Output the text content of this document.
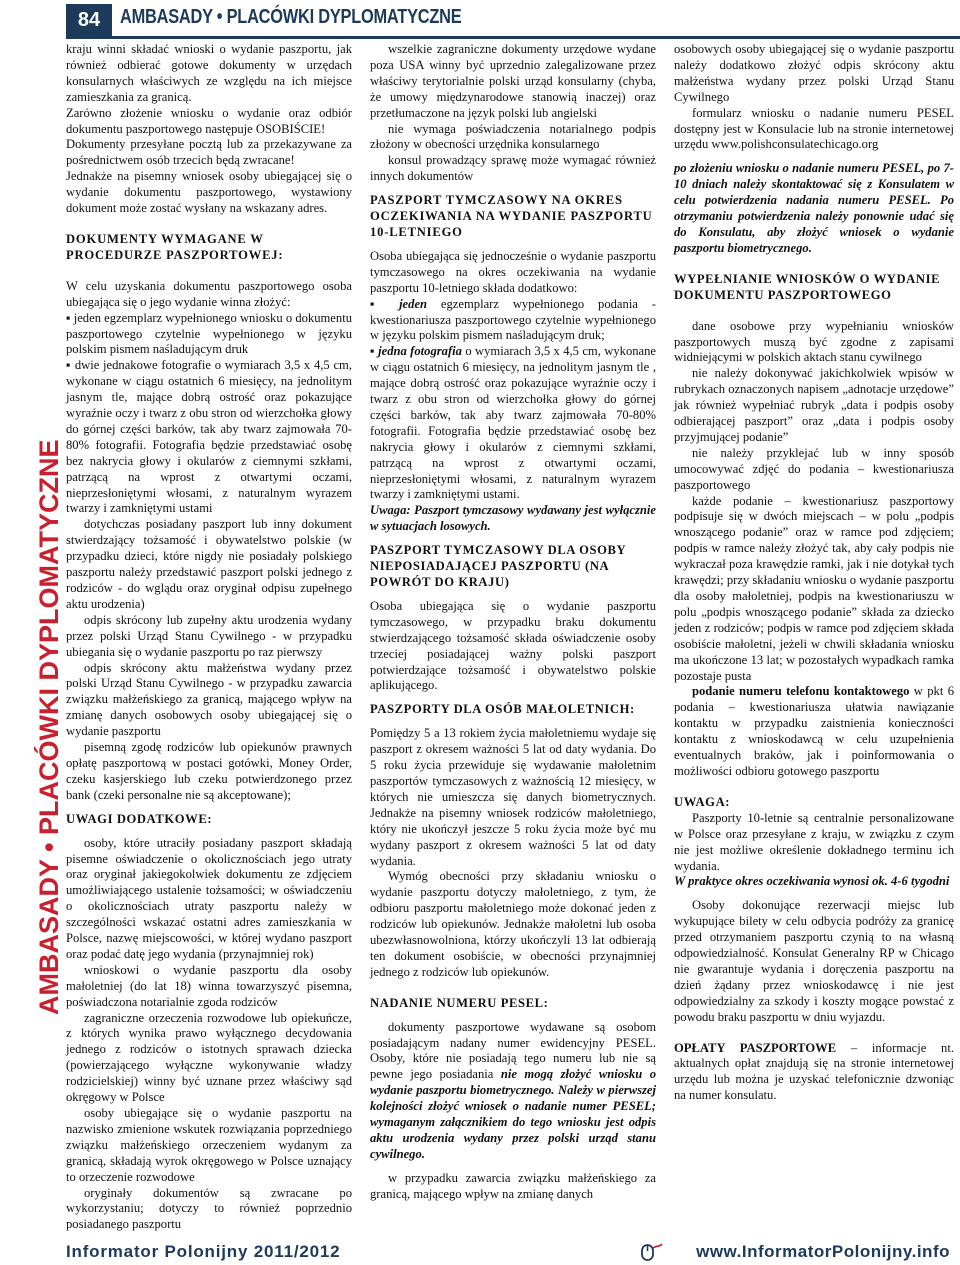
84 AMBASADY • PLACÓWKI DYPLOMATYCZNE
AMBASADY • PLACÓWKI DYPLOMATYCZNE

kraju winni składać wnioski o wydanie paszportu, jak również odbierać gotowe dokumenty w urzędach konsularnych właściwych ze względu na ich miejsce zamieszkania za granicą.

Zarówno złożenie wniosku o wydanie oraz odbiór dokumentu paszportowego następuje OSOBIŚCIE!

Dokumenty przesyłane pocztą lub za przekazywane za pośrednictwem osób trzecich będą zwracane!

Jednakże na pisemny wniosek osoby ubiegającej się o wydanie dokumentu paszportowego, wystawiony dokument może zostać wysłany na wskazany adres.

DOKUMENTY WYMAGANE W PROCEDURZE PASZPORTOWEJ:

W celu uzyskania dokumentu paszportowego osoba ubiegająca się o jego wydanie winna złożyć:

▪ jeden egzemplarz wypełnionego wniosku o dokumentu paszportowego czytelnie wypełnionego w języku polskim pismem naśladującym druk

▪ dwie jednakowe fotografie o wymiarach 3,5 x 4,5 cm, wykonane w ciągu ostatnich 6 miesięcy, na jednolitym jasnym tle, mające dobrą ostrość oraz pokazujące wyraźnie oczy i twarz z obu stron od wierzchołka głowy do górnej części barków, tak aby twarz zajmowała 70-80% fotografii. Fotografia będzie przedstawiać osobę bez nakrycia głowy i okularów z ciemnymi szkłami, patrzącą na wprost z otwartymi oczami, nieprzesłoniętymi włosami, z naturalnym wyrazem twarzy i zamkniętymi ustami

dotychczas posiadany paszport lub inny dokument stwierdzający tożsamość i obywatelstwo polskie (w przypadku dzieci, które nigdy nie posiadały polskiego paszportu należy przedstawić paszport polski jednego z rodziców - do wglądu oraz oryginał odpisu zupełnego aktu urodzenia)

odpis skrócony lub zupełny aktu urodzenia wydany przez polski Urząd Stanu Cywilnego - w przypadku ubiegania się o wydanie paszportu po raz pierwszy

odpis skrócony aktu małżeństwa wydany przez polski Urząd Stanu Cywilnego - w przypadku zawarcia związku małżeńskiego za granicą, mającego wpływ na zmianę danych osobowych osoby ubiegającej się o wydanie paszportu

pisemną zgodę rodziców lub opiekunów prawnych opłatę paszportową w postaci gotówki, Money Order, czeku kasjerskiego lub czeku potwierdzonego przez bank (czeki personalne nie są akceptowane);

UWAGI DODATKOWE:

osoby, które utraciły posiadany paszport składają pisemne oświadczenie o okolicznościach jego utraty oraz oryginał jakiegokolwiek dokumentu ze zdjęciem umożliwiającego ustalenie tożsamości; w oświadczeniu o okolicznościach utraty paszportu należy w szczególności wskazać ostatni adres zamieszkania w Polsce, nazwę miejscowości, w której wydano paszport oraz podać datę jego wydania (przynajmniej rok)

wnioskowi o wydanie paszportu dla osoby małoletniej (do lat 18) winna towarzyszyć pisemna, poświadczona notarialnie zgoda rodziców

zagraniczne orzeczenia rozwodowe lub opiekuńcze, z których wynika prawo wyłącznego decydowania jednego z rodziców o istotnych sprawach dziecka (powierzającego wyłączne wykonywanie władzy rodzicielskiej) winny być uznane przez właściwy sąd okręgowy w Polsce

osoby ubiegające się o wydanie paszportu na nazwisko zmienione wskutek rozwiązania poprzedniego związku małżeńskiego orzeczeniem wydanym za granicą, składają wyrok okręgowego w Polsce uznający to orzeczenie rozwodowe

oryginały dokumentów są zwracane po wykorzystaniu; dotyczy to również poprzednio posiadanego paszportu

wszelkie zagraniczne dokumenty urzędowe wydane poza USA winny być uprzednio zalegalizowane przez właściwy terytorialnie polski urząd konsularny (chyba, że umowy międzynarodowe stanowią inaczej) oraz przetłumaczone na język polski lub angielski

nie wymaga poświadczenia notarialnego podpis złożony w obecności urzędnika konsularnego

konsul prowadzący sprawę może wymagać również innych dokumentów

PASZPORT TYMCZASOWY NA OKRES OCZEKIWANIA NA WYDANIE PASZPORTU 10-LETNIEGO

Osoba ubiegająca się jednocześnie o wydanie paszportu tymczasowego na okres oczekiwania na wydanie paszportu 10-letniego składa dodatkowo:

▪ jeden egzemplarz wypełnionego podania - kwestionariusza paszportowego czytelnie wypełnionego w języku polskim pismem naśladującym druk;

▪ jedna fotografia o wymiarach 3,5 x 4,5 cm, wykonane w ciągu ostatnich 6 miesięcy, na jednolitym jasnym tle , mające dobrą ostrość oraz pokazujące wyraźnie oczy i twarz z obu stron od wierzchołka głowy do górnej części barków, tak aby twarz zajmowała 70-80% fotografii. Fotografia będzie przedstawiać osobę bez nakrycia głowy i okularów z ciemnymi szkłami, patrzącą na wprost z otwartymi oczami, nieprzesłoniętymi włosami, z naturalnym wyrazem twarzy i zamkniętymi ustami.

Uwaga: Paszport tymczasowy wydawany jest wyłącznie w sytuacjach losowych.

PASZPORT TYMCZASOWY DLA OSOBY NIEPOSIADAJĄCEJ PASZPORTU (NA POWRÓT DO KRAJU)

Osoba ubiegająca się o wydanie paszportu tymczasowego, w przypadku braku dokumentu stwierdzającego tożsamość składa oświadczenie osoby trzeciej posiadającej ważny polski paszport potwierdzające tożsamość i obywatelstwo polskie aplikującego.

PASZPORTY DLA OSÓB MAŁOLETNICH:

Pomiędzy 5 a 13 rokiem życia małoletniemu wydaje się paszport z okresem ważności 5 lat od daty wydania. Do 5 roku życia przewiduje się wydawanie małoletnim paszportów tymczasowych z ważnością 12 miesięcy, w których nie umieszcza się danych biometrycznych. Jednakże na pisemny wniosek rodziców małoletniego, który nie ukończył jeszcze 5 roku życia może być mu wydany paszport z okresem ważności 5 lat od daty wydania.

Wymóg obecności przy składaniu wniosku o wydanie paszportu dotyczy małoletniego, z tym, że odbioru paszportu małoletniego może dokonać jeden z rodziców lub opiekunów. Jednakże małoletni lub osoba ubezwłasnowolniona, którzy ukończyli 13 lat odbierają ten dokument osobiście, w obecności przynajmniej jednego z rodziców lub opiekunów.

NADANIE NUMERU PESEL:

dokumenty paszportowe wydawane są osobom posiadającym nadany numer ewidencyjny PESEL. Osoby, które nie posiadają tego numeru lub nie są pewne jego posiadania nie mogą złożyć wniosku o wydanie paszportu biometrycznego. Należy w pierwszej kolejności złożyć wniosek o nadanie numer PESEL; wymaganym załącznikiem do tego wniosku jest odpis aktu urodzenia wydany przez polski urząd stanu cywilnego.

w przypadku zawarcia związku małżeńskiego za granicą, mającego wpływ na zmianę danych

osobowych osoby ubiegającej się o wydanie paszportu należy dodatkowo złożyć odpis skrócony aktu małżeństwa wydany przez polski Urząd Stanu Cywilnego

formularz wniosku o nadanie numeru PESEL dostępny jest w Konsulacie lub na stronie internetowej urzędu www.polishconsulatechicago.org

po złożeniu wniosku o nadanie numeru PESEL, po 7-10 dniach należy skontaktować się z Konsulatem w celu potwierdzenia nadania numeru PESEL. Po otrzymaniu potwierdzenia należy ponownie udać się do Konsulatu, aby złożyć wniosek o wydanie paszportu biometrycznego.

WYPEŁNIANIE WNIOSKÓW O WYDANIE DOKUMENTU PASZPORTOWEGO

dane osobowe przy wypełnianiu wniosków paszportowych muszą być zgodne z zapisami widniejącymi w polskich aktach stanu cywilnego

nie należy dokonywać jakichkolwiek wpisów w rubrykach oznaczonych napisem „adnotacje urzędowe” jak również wypełniać rubryk „data i podpis osoby odbierającej paszport” oraz „data i podpis osoby przyjmującej podanie”

nie należy przyklejać lub w inny sposób umocowywać zdjęć do podania – kwestionariusza paszportowego

każde podanie – kwestionariusz paszportowy podpisuje się w dwóch miejscach – w polu „podpis wnoszącego podanie” oraz w ramce pod zdjęciem; podpis w ramce należy złożyć tak, aby cały podpis nie wykraczał poza krawędzie ramki, jak i nie dotykał tych krawędzi; przy składaniu wniosku o wydanie paszportu dla osoby małoletniej, podpis na kwestionariuszu w polu „podpis wnoszącego podanie” składa za dziecko jeden z rodziców; podpis w ramce pod zdjęciem składa osobiście małoletni, jeżeli w chwili składania wniosku ma ukończone 13 lat; w pozostałych wypadkach ramka pozostaje pusta

podanie numeru telefonu kontaktowego w pkt 6 podania – kwestionariusza ułatwia nawiązanie kontaktu w przypadku zaistnienia konieczności kontaktu z wnioskodawcą w celu uzupełnienia eventualnych braków, jak i poinformowania o możliwości odbioru gotowego paszportu

UWAGA:

Paszporty 10-letnie są centralnie personalizowane w Polsce oraz przesyłane z kraju, w związku z czym nie jest możliwe określenie dokładnego terminu ich wydania.

W praktyce okres oczekiwania wynosi ok. 4-6 tygodni

Osoby dokonujące rezerwacji miejsc lub wykupujące bilety w celu odbycia podróży za granicę przed otrzymaniem paszportu czynią to na własną odpowiedzialność. Konsulat Generalny RP w Chicago nie gwarantuje wydania i doręczenia paszportu na dzień żądany przez wnioskodawcę i nie jest odpowiedzialny za szkody i koszty mogące powstać z powodu braku paszportu w dniu wyjazdu.

OPŁATY PASZPORTOWE – informacje nt. aktualnych opłat znajdują się na stronie internetowej urzędu lub można je uzyskać telefonicznie dzwoniąc na numer konsulatu.

Informator Polonijny 2011/2012	www.InformatorPolonijny.info
